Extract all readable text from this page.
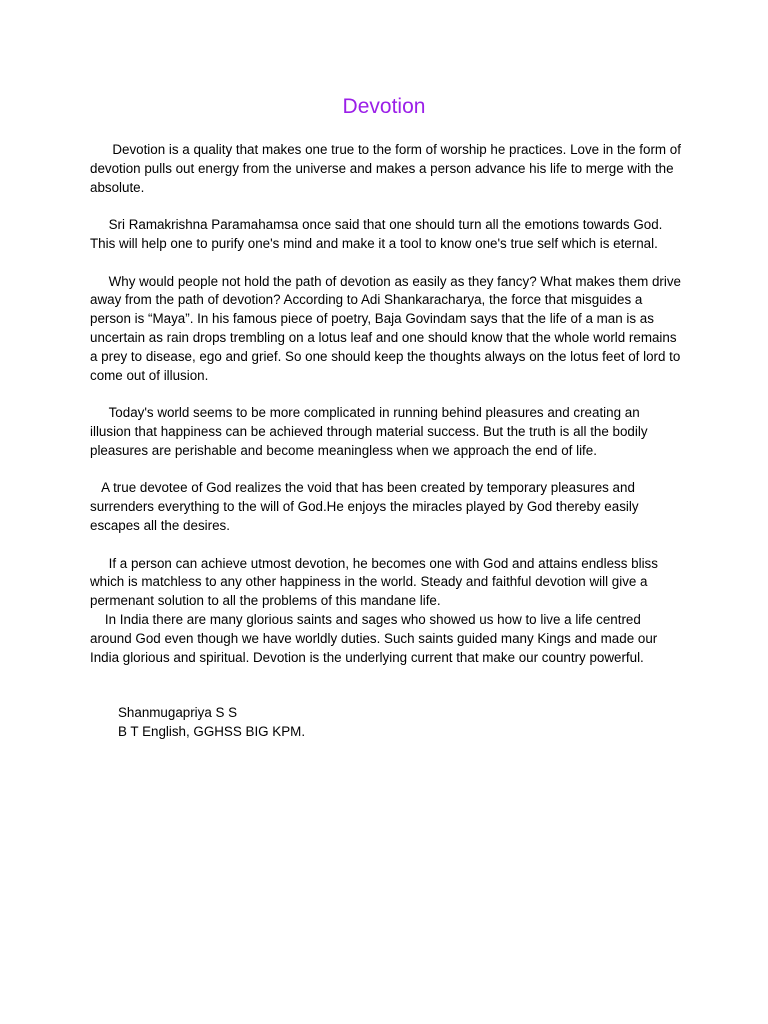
Devotion

Devotion is a quality that makes one true to the form of worship he practices. Love in the form of devotion pulls out energy from the universe and makes a person advance his life to merge with the absolute.

Sri Ramakrishna Paramahamsa once said that one should turn all the emotions towards God. This will help one to purify one's mind and make it a tool to know one's true self which is eternal.

Why would people not hold the path of devotion as easily as they fancy? What makes them drive away from the path of devotion? According to Adi Shankaracharya, the force that misguides a person is “Maya”. In his famous piece of poetry, Baja Govindam says that the life of a man is as uncertain as rain drops trembling on a lotus leaf and one should know that the whole world remains a prey to disease, ego and grief. So one should keep the thoughts always on the lotus feet of lord to come out of illusion.

Today's world seems to be more complicated in running behind pleasures and creating an illusion that happiness can be achieved through material success. But the truth is all the bodily pleasures are perishable and become meaningless when we approach the end of life.

A true devotee of God realizes the void that has been created by temporary pleasures and surrenders everything to the will of God.He enjoys the miracles played by God thereby easily escapes all the desires.

If a person can achieve utmost devotion, he becomes one with God and attains endless bliss which is matchless to any other happiness in the world. Steady and faithful devotion will give a permenant solution to all the problems of this mandane life.

In India there are many glorious saints and sages who showed us how to live a life centred around God even though we have worldly duties. Such saints guided many Kings and made our India glorious and spiritual. Devotion is the underlying current that make our country powerful.

Shanmugapriya S S
B T English, GGHSS BIG KPM.
